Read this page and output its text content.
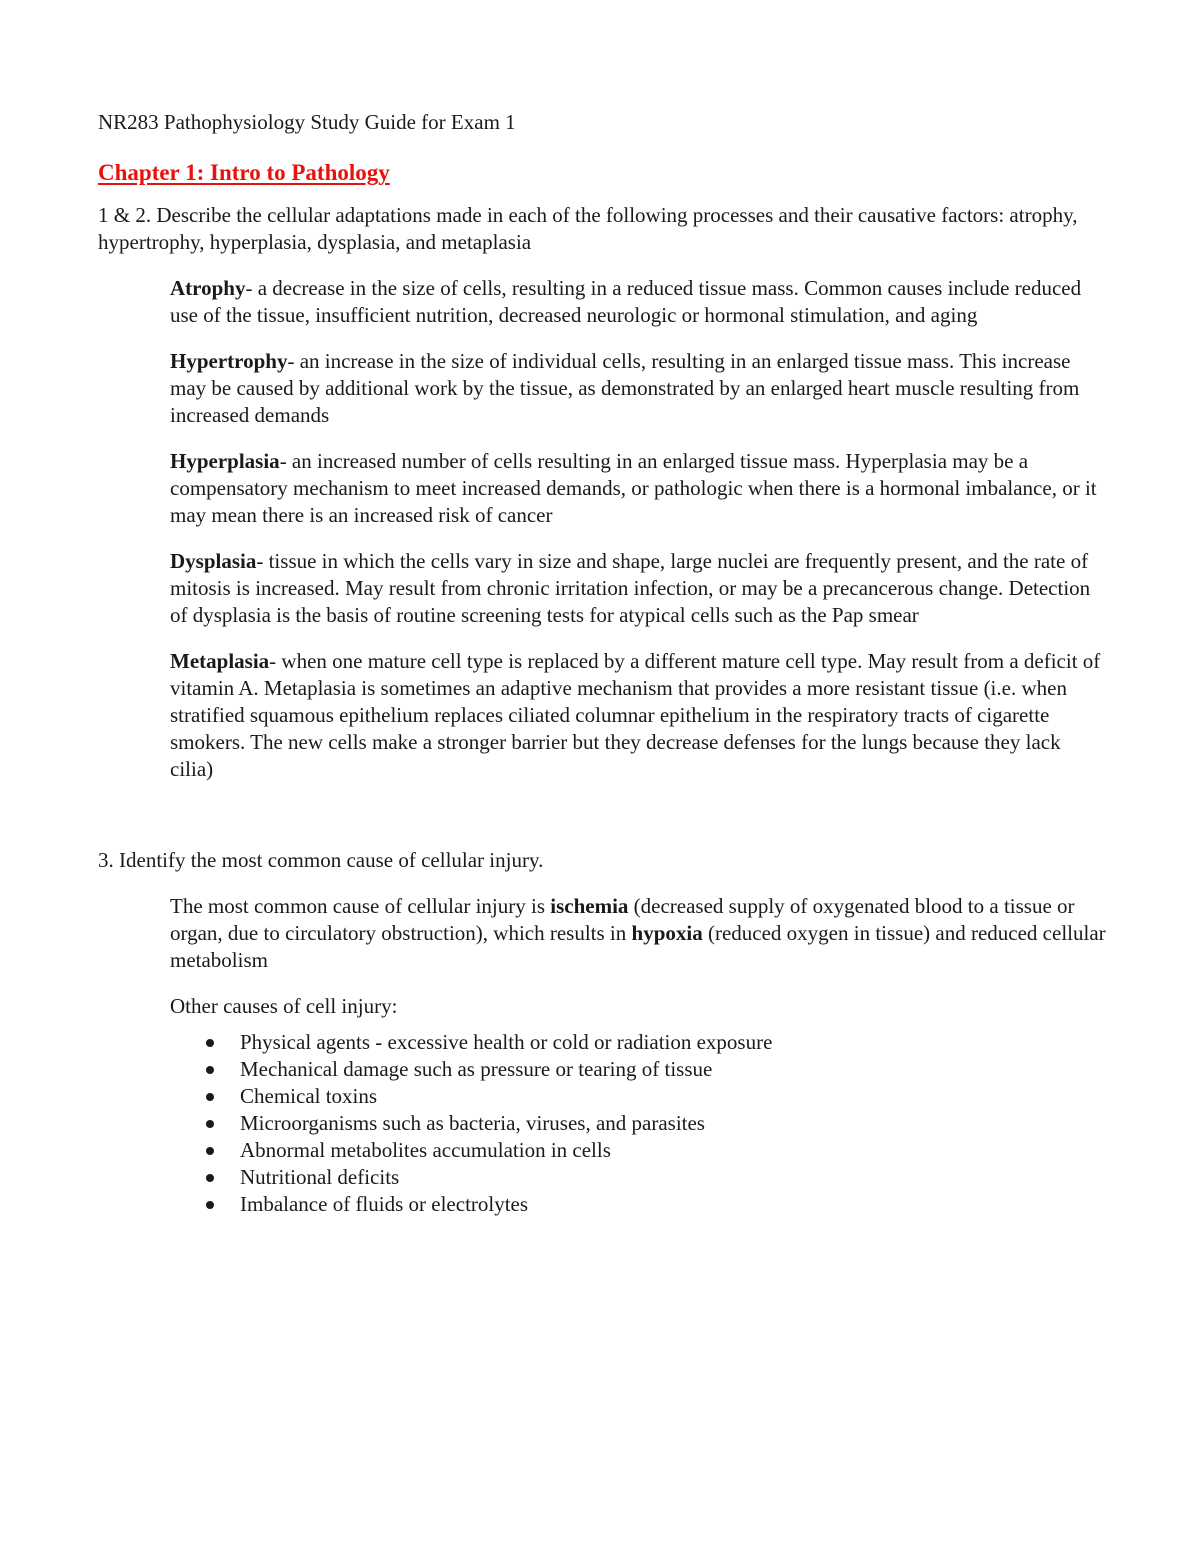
NR283 Pathophysiology Study Guide for Exam 1
Chapter 1: Intro to Pathology
1 & 2. Describe the cellular adaptations made in each of the following processes and their causative factors: atrophy, hypertrophy, hyperplasia, dysplasia, and metaplasia

Atrophy- a decrease in the size of cells, resulting in a reduced tissue mass. Common causes include reduced use of the tissue, insufficient nutrition, decreased neurologic or hormonal stimulation, and aging

Hypertrophy- an increase in the size of individual cells, resulting in an enlarged tissue mass. This increase may be caused by additional work by the tissue, as demonstrated by an enlarged heart muscle resulting from increased demands

Hyperplasia- an increased number of cells resulting in an enlarged tissue mass. Hyperplasia may be a compensatory mechanism to meet increased demands, or pathologic when there is a hormonal imbalance, or it may mean there is an increased risk of cancer

Dysplasia- tissue in which the cells vary in size and shape, large nuclei are frequently present, and the rate of mitosis is increased. May result from chronic irritation infection, or may be a precancerous change. Detection of dysplasia is the basis of routine screening tests for atypical cells such as the Pap smear

Metaplasia- when one mature cell type is replaced by a different mature cell type. May result from a deficit of vitamin A. Metaplasia is sometimes an adaptive mechanism that provides a more resistant tissue (i.e. when stratified squamous epithelium replaces ciliated columnar epithelium in the respiratory tracts of cigarette smokers. The new cells make a stronger barrier but they decrease defenses for the lungs because they lack cilia)

3. Identify the most common cause of cellular injury.

The most common cause of cellular injury is ischemia (decreased supply of oxygenated blood to a tissue or organ, due to circulatory obstruction), which results in hypoxia (reduced oxygen in tissue) and reduced cellular metabolism

Other causes of cell injury:

Physical agents - excessive health or cold or radiation exposure
Mechanical damage such as pressure or tearing of tissue
Chemical toxins
Microorganisms such as bacteria, viruses, and parasites
Abnormal metabolites accumulation in cells
Nutritional deficits
Imbalance of fluids or electrolytes
